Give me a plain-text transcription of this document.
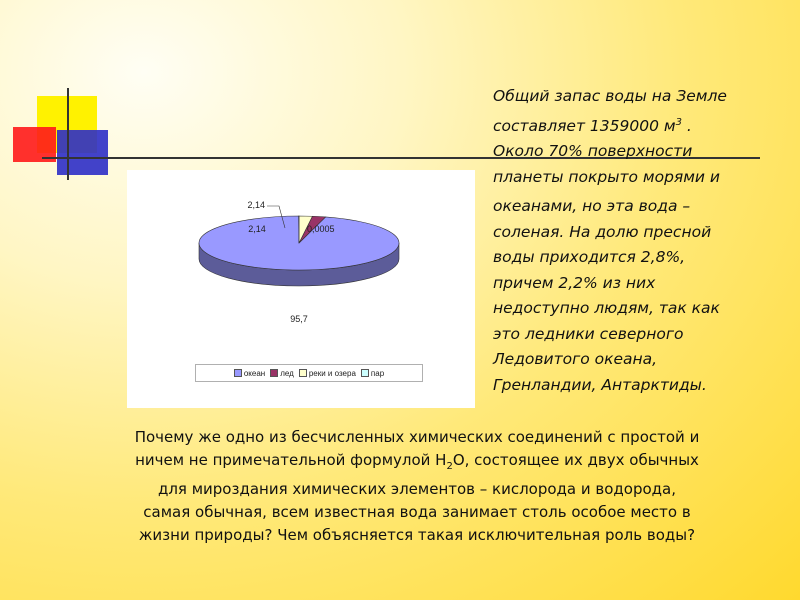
95,7
2,14
2,14
0,0005
океан лед реки и озера пар
Общий запас воды на Земле
составляет 1359000 $м^3$ .
Около 70% поверхности
планеты покрыто морями и
океанами, но эта вода –
соленая. На долю пресной
воды приходится 2,8%,
причем 2,2% из них
недоступно людям, так как
это ледники северного
Ледовитого океана,
Гренландии, Антарктиды.
Почему же одно из бесчисленных химических соединений с простой и
ничем не примечательной формулой $H_2O$, состоящее их двух обычных
для мироздания химических элементов – кислорода и водорода,
самая обычная, всем известная вода занимает столь особое место в
жизни природы? Чем объясняется такая исключительная роль воды?
